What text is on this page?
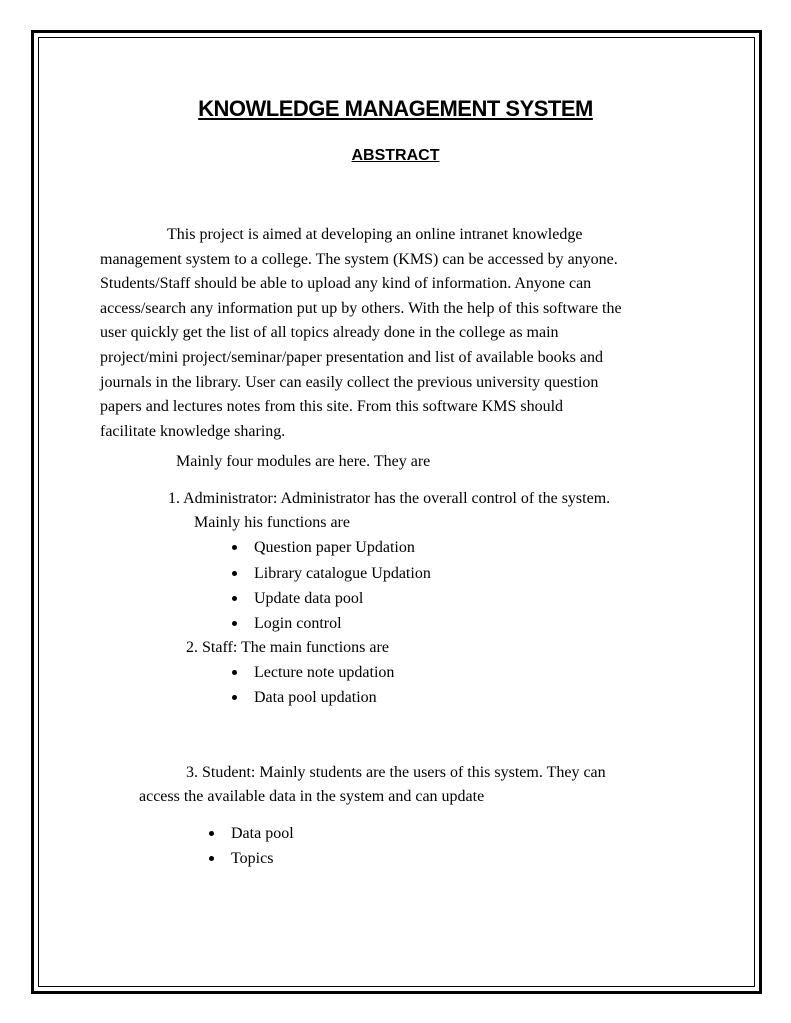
KNOWLEDGE MANAGEMENT SYSTEM
ABSTRACT
This project is aimed at developing an online intranet knowledge
management system to a college. The system (KMS) can be accessed by anyone.
Students/Staff should be able to upload any kind of information. Anyone can
access/search any information put up by others. With the help of this software the
user quickly get the list of all topics already done in the college as main
project/mini project/seminar/paper presentation and list of available books and
journals in the library. User can easily collect the previous university question
papers and lectures notes from this site. From this software KMS should
facilitate knowledge sharing.
Mainly four modules are here. They are
1. Administrator: Administrator has the overall control of the system.
Mainly his functions are
Question paper Updation
Library catalogue Updation
Update data pool
Login control
2. Staff: The main functions are
Lecture note updation
Data pool updation
3. Student: Mainly students are the users of this system. They can
access the available data in the system and can update
Data pool
Topics
